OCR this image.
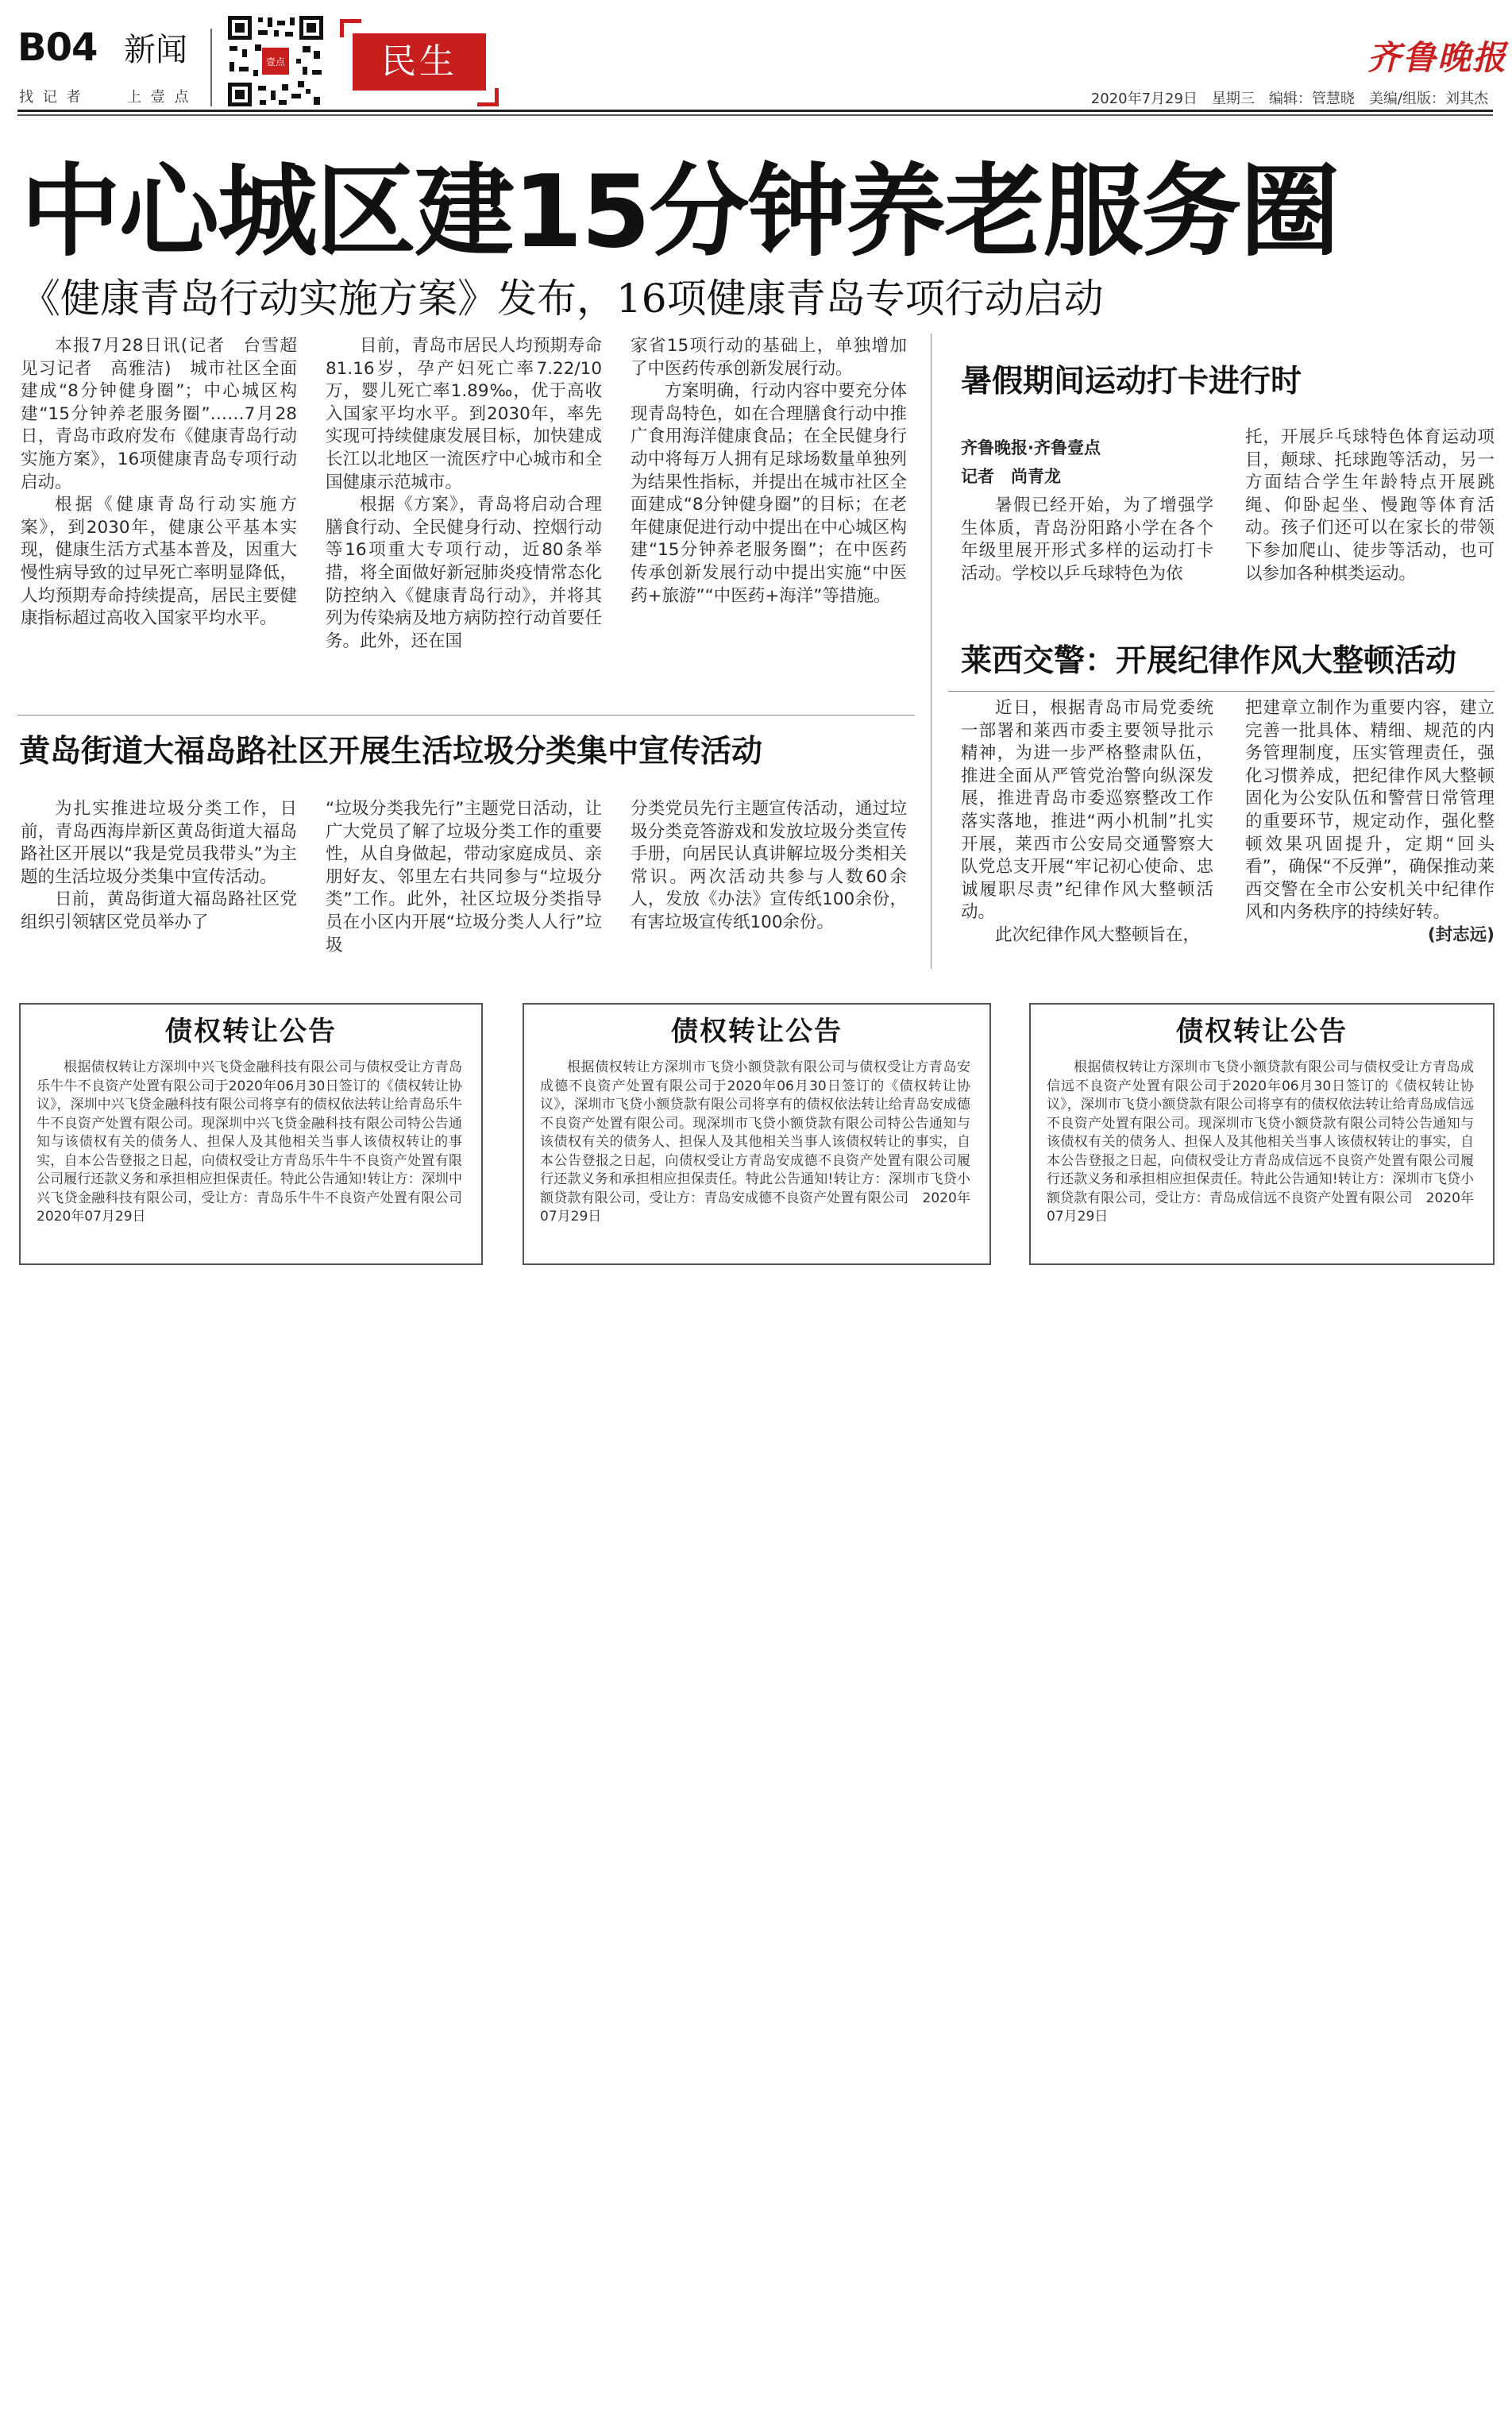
B04 新闻
找 记 者	上 壹 点
壹点	民生	齐鲁晚报
2020年7月29日　星期三　编辑：管慧晓　美编/组版：刘其杰
中心城区建15分钟养老服务圈
《健康青岛行动实施方案》发布，16项健康青岛专项行动启动

本报7月28日讯(记者　台雪超　见习记者　高雅洁)　城市社区全面建成“8分钟健身圈”；中心城区构建“15分钟养老服务圈”……7月28日，青岛市政府发布《健康青岛行动实施方案》，16项健康青岛专项行动启动。

根据《健康青岛行动实施方案》，到2030年，健康公平基本实现，健康生活方式基本普及，因重大慢性病导致的过早死亡率明显降低，人均预期寿命持续提高，居民主要健康指标超过高收入国家平均水平。

目前，青岛市居民人均预期寿命81.16岁，孕产妇死亡率7.22/10万，婴儿死亡率1.89‰，优于高收入国家平均水平。到2030年，率先实现可持续健康发展目标，加快建成长江以北地区一流医疗中心城市和全国健康示范城市。

根据《方案》，青岛将启动合理膳食行动、全民健身行动、控烟行动等16项重大专项行动，近80条举措，将全面做好新冠肺炎疫情常态化防控纳入《健康青岛行动》，并将其列为传染病及地方病防控行动首要任务。此外，还在国

家省15项行动的基础上，单独增加了中医药传承创新发展行动。

方案明确，行动内容中要充分体现青岛特色，如在合理膳食行动中推广食用海洋健康食品；在全民健身行动中将每万人拥有足球场数量单独列为结果性指标，并提出在城市社区全面建成“8分钟健身圈”的目标；在老年健康促进行动中提出在中心城区构建“15分钟养老服务圈”；在中医药传承创新发展行动中提出实施“中医药+旅游”“中医药+海洋”等措施。

黄岛街道大福岛路社区开展生活垃圾分类集中宣传活动

为扎实推进垃圾分类工作，日前，青岛西海岸新区黄岛街道大福岛路社区开展以“我是党员我带头”为主题的生活垃圾分类集中宣传活动。

日前，黄岛街道大福岛路社区党组织引领辖区党员举办了

“垃圾分类我先行”主题党日活动，让广大党员了解了垃圾分类工作的重要性，从自身做起，带动家庭成员、亲朋好友、邻里左右共同参与“垃圾分类”工作。此外，社区垃圾分类指导员在小区内开展“垃圾分类人人行”垃圾

分类党员先行主题宣传活动，通过垃圾分类竞答游戏和发放垃圾分类宣传手册，向居民认真讲解垃圾分类相关常识。两次活动共参与人数60余人，发放《办法》宣传纸100余份，有害垃圾宣传纸100余份。

暑假期间运动打卡进行时
齐鲁晚报·齐鲁壹点
记者　尚青龙

暑假已经开始，为了增强学生体质，青岛汾阳路小学在各个年级里展开形式多样的运动打卡活动。学校以乒乓球特色为依

托，开展乒乓球特色体育运动项目，颠球、托球跑等活动，另一方面结合学生年龄特点开展跳绳、仰卧起坐、慢跑等体育活动。孩子们还可以在家长的带领下参加爬山、徒步等活动，也可以参加各种棋类运动。

莱西交警：开展纪律作风大整顿活动

近日，根据青岛市局党委统一部署和莱西市委主要领导批示精神，为进一步严格整肃队伍，推进全面从严管党治警向纵深发展，推进青岛市委巡察整改工作落实落地，推进“两小机制”扎实开展，莱西市公安局交通警察大队党总支开展“牢记初心使命、忠诚履职尽责”纪律作风大整顿活动。

此次纪律作风大整顿旨在，

把建章立制作为重要内容，建立完善一批具体、精细、规范的内务管理制度，压实管理责任，强化习惯养成，把纪律作风大整顿固化为公安队伍和警营日常管理的重要环节，规定动作，强化整顿效果巩固提升，定期“回头看”，确保“不反弹”，确保推动莱西交警在全市公安机关中纪律作风和内务秩序的持续好转。

(封志远)
债权转让公告

根据债权转让方深圳中兴飞贷金融科技有限公司与债权受让方青岛乐牛牛不良资产处置有限公司于2020年06月30日签订的《债权转让协议》，深圳中兴飞贷金融科技有限公司将享有的债权依法转让给青岛乐牛牛不良资产处置有限公司。现深圳中兴飞贷金融科技有限公司特公告通知与该债权有关的债务人、担保人及其他相关当事人该债权转让的事实，自本公告登报之日起，向债权受让方青岛乐牛牛不良资产处置有限公司履行还款义务和承担相应担保责任。特此公告通知!转让方：深圳中兴飞贷金融科技有限公司，受让方：青岛乐牛牛不良资产处置有限公司　2020年07月29日

债权转让公告

根据债权转让方深圳市飞贷小额贷款有限公司与债权受让方青岛安成德不良资产处置有限公司于2020年06月30日签订的《债权转让协议》，深圳市飞贷小额贷款有限公司将享有的债权依法转让给青岛安成德不良资产处置有限公司。现深圳市飞贷小额贷款有限公司特公告通知与该债权有关的债务人、担保人及其他相关当事人该债权转让的事实，自本公告登报之日起，向债权受让方青岛安成德不良资产处置有限公司履行还款义务和承担相应担保责任。特此公告通知!转让方：深圳市飞贷小额贷款有限公司，受让方：青岛安成德不良资产处置有限公司　2020年07月29日

债权转让公告

根据债权转让方深圳市飞贷小额贷款有限公司与债权受让方青岛成信远不良资产处置有限公司于2020年06月30日签订的《债权转让协议》，深圳市飞贷小额贷款有限公司将享有的债权依法转让给青岛成信远不良资产处置有限公司。现深圳市飞贷小额贷款有限公司特公告通知与该债权有关的债务人、担保人及其他相关当事人该债权转让的事实，自本公告登报之日起，向债权受让方青岛成信远不良资产处置有限公司履行还款义务和承担相应担保责任。特此公告通知!转让方：深圳市飞贷小额贷款有限公司，受让方：青岛成信远不良资产处置有限公司　2020年07月29日
